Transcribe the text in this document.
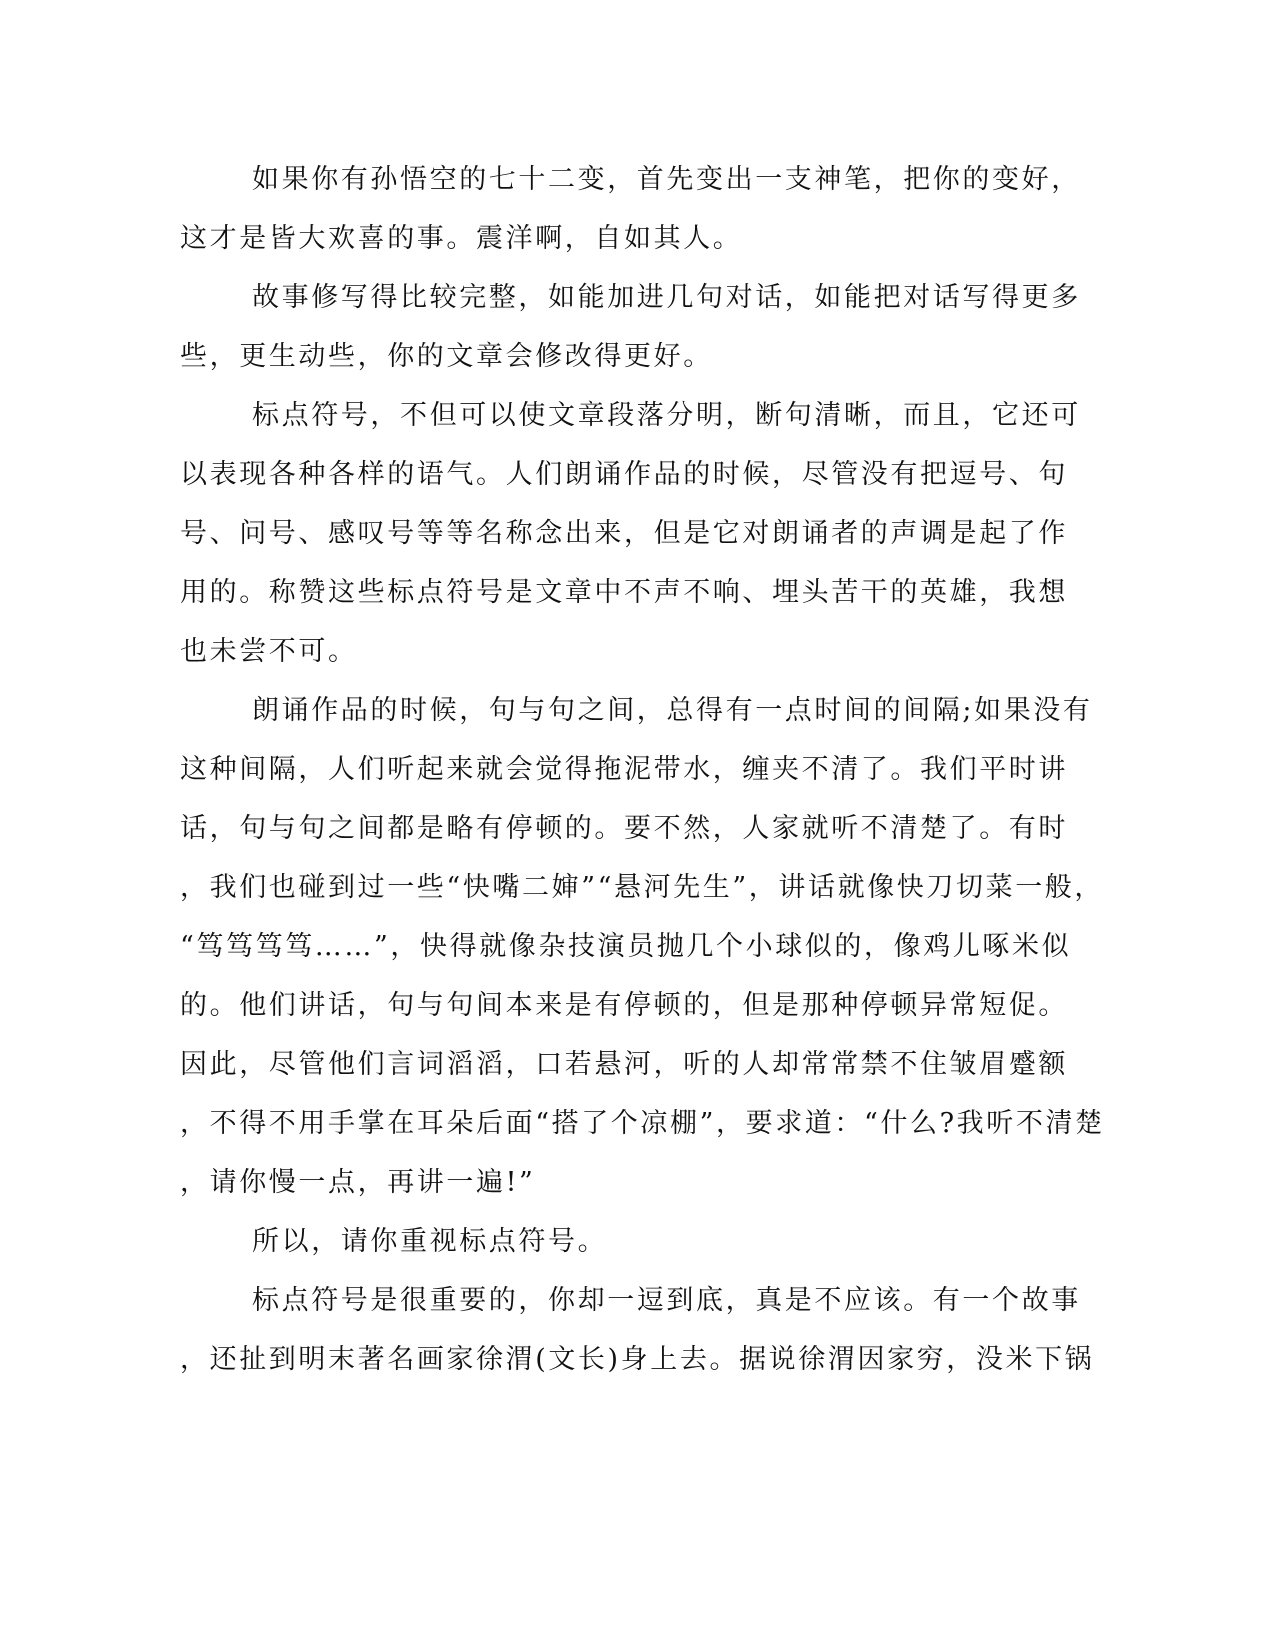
如果你有孙悟空的七十二变，首先变出一支神笔，把你的变好，
这才是皆大欢喜的事。震洋啊，自如其人。
故事修写得比较完整，如能加进几句对话，如能把对话写得更多
些，更生动些，你的文章会修改得更好。
标点符号，不但可以使文章段落分明，断句清晰，而且，它还可
以表现各种各样的语气。人们朗诵作品的时候，尽管没有把逗号、句
号、问号、感叹号等等名称念出来，但是它对朗诵者的声调是起了作
用的。称赞这些标点符号是文章中不声不响、埋头苦干的英雄，我想
也未尝不可。
朗诵作品的时候，句与句之间，总得有一点时间的间隔;如果没有
这种间隔，人们听起来就会觉得拖泥带水，缠夹不清了。我们平时讲
话，句与句之间都是略有停顿的。要不然，人家就听不清楚了。有时
，我们也碰到过一些“快嘴二婶”“悬河先生”，讲话就像快刀切菜一般，
“笃笃笃笃……”，快得就像杂技演员抛几个小球似的，像鸡儿啄米似
的。他们讲话，句与句间本来是有停顿的，但是那种停顿异常短促。
因此，尽管他们言词滔滔，口若悬河，听的人却常常禁不住皱眉蹙额
，不得不用手掌在耳朵后面“搭了个凉棚”，要求道：“什么?我听不清楚
，请你慢一点，再讲一遍!”
所以，请你重视标点符号。
标点符号是很重要的，你却一逗到底，真是不应该。有一个故事
，还扯到明末著名画家徐渭(文长)身上去。据说徐渭因家穷，没米下锅
